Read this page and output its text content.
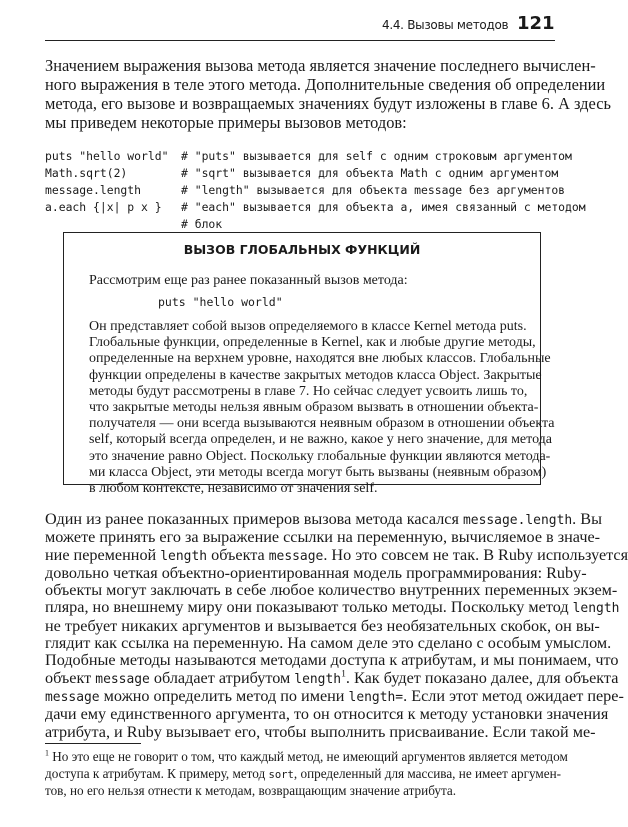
4.4. Вызовы методов 121
Значением выражения вызова метода является значение последнего вычислен-
ного выражения в теле этого метода. Дополнительные сведения об определении
метода, его вызове и возвращаемых значениях будут изложены в главе 6. А здесь
мы приведем некоторые примеры вызовов методов:
puts "hello world"	# "puts" вызывается для self с одним строковым аргументом
Math.sqrt(2)	# "sqrt" вызывается для объекта Math с одним аргументом
message.length	# "length" вызывается для объекта message без аргументов
a.each {|x| p x }	# "each" вызывается для объекта a, имея связанный с методом
# блок
ВЫЗОВ ГЛОБАЛЬНЫХ ФУНКЦИЙ
Рассмотрим еще раз ранее показанный вызов метода:
puts "hello world"
Он представляет собой вызов определяемого в классе Kernel метода puts.
Глобальные функции, определенные в Kernel, как и любые другие методы,
определенные на верхнем уровне, находятся вне любых классов. Глобальные
функции определены в качестве закрытых методов класса Object. Закрытые
методы будут рассмотрены в главе 7. Но сейчас следует усвоить лишь то,
что закрытые методы нельзя явным образом вызвать в отношении объекта-
получателя — они всегда вызываются неявным образом в отношении объекта
self, который всегда определен, и не важно, какое у него значение, для метода
это значение равно Object. Поскольку глобальные функции являются метода-
ми класса Object, эти методы всегда могут быть вызваны (неявным образом)
в любом контексте, независимо от значения self.
Один из ранее показанных примеров вызова метода касался message.length. Вы
можете принять его за выражение ссылки на переменную, вычисляемое в значе-
ние переменной length объекта message. Но это совсем не так. В Ruby используется
довольно четкая объектно-ориентированная модель программирования: Ruby-
объекты могут заключать в себе любое количество внутренних переменных экзем-
пляра, но внешнему миру они показывают только методы. Поскольку метод length
не требует никаких аргументов и вызывается без необязательных скобок, он вы-
глядит как ссылка на переменную. На самом деле это сделано с особым умыслом.
Подобные методы называются методами доступа к атрибутам, и мы понимаем, что
объект message обладает атрибутом length$^1$. Как будет показано далее, для объекта
message можно определить метод по имени length=. Если этот метод ожидает пере-
дачи ему единственного аргумента, то он относится к методу установки значения
атрибута, и Ruby вызывает его, чтобы выполнить присваивание. Если такой ме-
$^1$ Но это еще не говорит о том, что каждый метод, не имеющий аргументов является методом
доступа к атрибутам. К примеру, метод sort, определенный для массива, не имеет аргумен-
тов, но его нельзя отнести к методам, возвращающим значение атрибута.
